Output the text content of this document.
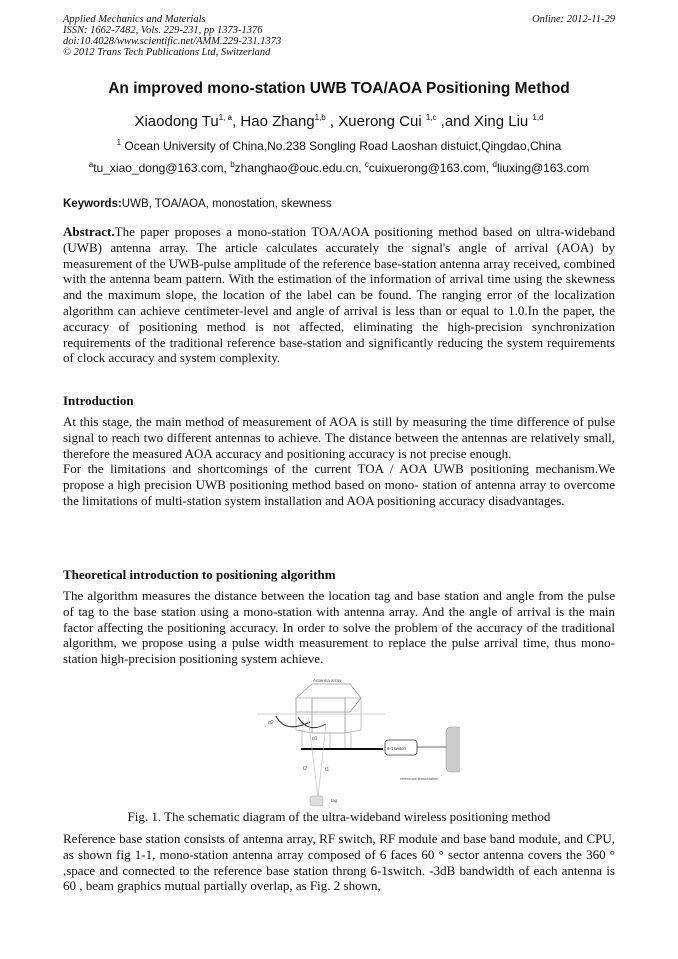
Applied Mechanics and Materials
ISSN: 1662-7482, Vols. 229-231, pp 1373-1376
doi:10.4028/www.scientific.net/AMM.229-231.1373
© 2012 Trans Tech Publications Ltd, Switzerland
Online: 2012-11-29
An improved mono-station UWB TOA/AOA Positioning Method
Xiaodong Tu$^{1, a}$, Hao Zhang$^{1,b}$ , Xuerong Cui $^{1,c}$ ,and Xing Liu $^{1,d}$
$^1$ Ocean University of China,No.238 Songling Road Laoshan distuict,Qingdao,China
$^a$tu_xiao_dong@163.com, $^b$zhanghao@ouc.edu.cn, $^c$cuixuerong@163.com, $^d$liuxing@163.com
Keywords:UWB, TOA/AOA, monostation, skewness
Abstract.The paper proposes a mono-station TOA/AOA positioning method based on ultra-wideband (UWB) antenna array. The article calculates accurately the signal's angle of arrival (AOA) by measurement of the UWB-pulse amplitude of the reference base-station antenna array received, combined with the antenna beam pattern. With the estimation of the information of arrival time using the skewness and the maximum slope, the location of the label can be found. The ranging error of the localization algorithm can achieve centimeter-level and angle of arrival is less than or equal to 1.0.In the paper, the accuracy of positioning method is not affected, eliminating the high-precision synchronization requirements of the traditional reference base-station and significantly reducing the system requirements of clock accuracy and system complexity.
Introduction
At this stage, the main method of measurement of AOA is still by measuring the time difference of pulse signal to reach two different antennas to achieve. The distance between the antennas are relatively small, therefore the measured AOA accuracy and positioning accuracy is not precise enough.
For the limitations and shortcomings of the current TOA / AOA UWB positioning mechanism.We propose a high precision UWB positioning method based on mono- station of antenna array to overcome the limitations of multi-station system installation and AOA positioning accuracy disadvantages.
Theoretical introduction to positioning algorithm
The algorithm measures the distance between the location tag and base station and angle from the pulse of tag to the base station using a mono-station with antenna array. And the angle of arrival is the main factor affecting the positioning accuracy. In order to solve the problem of the accuracy of the traditional algorithm, we propose using a pulse width measurement to replace the pulse arrival time, thus mono-station high-precision positioning system achieve.
Antenna array
α2
α1
t2	t1
6-1switch
reference basestation
tag
Fig. 1. The schematic diagram of the ultra-wideband wireless positioning method
Reference base station consists of antenna array, RF switch, RF module and base band module, and CPU, as shown fig 1-1, mono-station antenna array composed of 6 faces 60 ° sector antenna covers the 360 ° ,space and connected to the reference base station throng 6-1switch. -3dB bandwidth of each antenna is 60 , beam graphics mutual partially overlap, as Fig. 2 shown,
